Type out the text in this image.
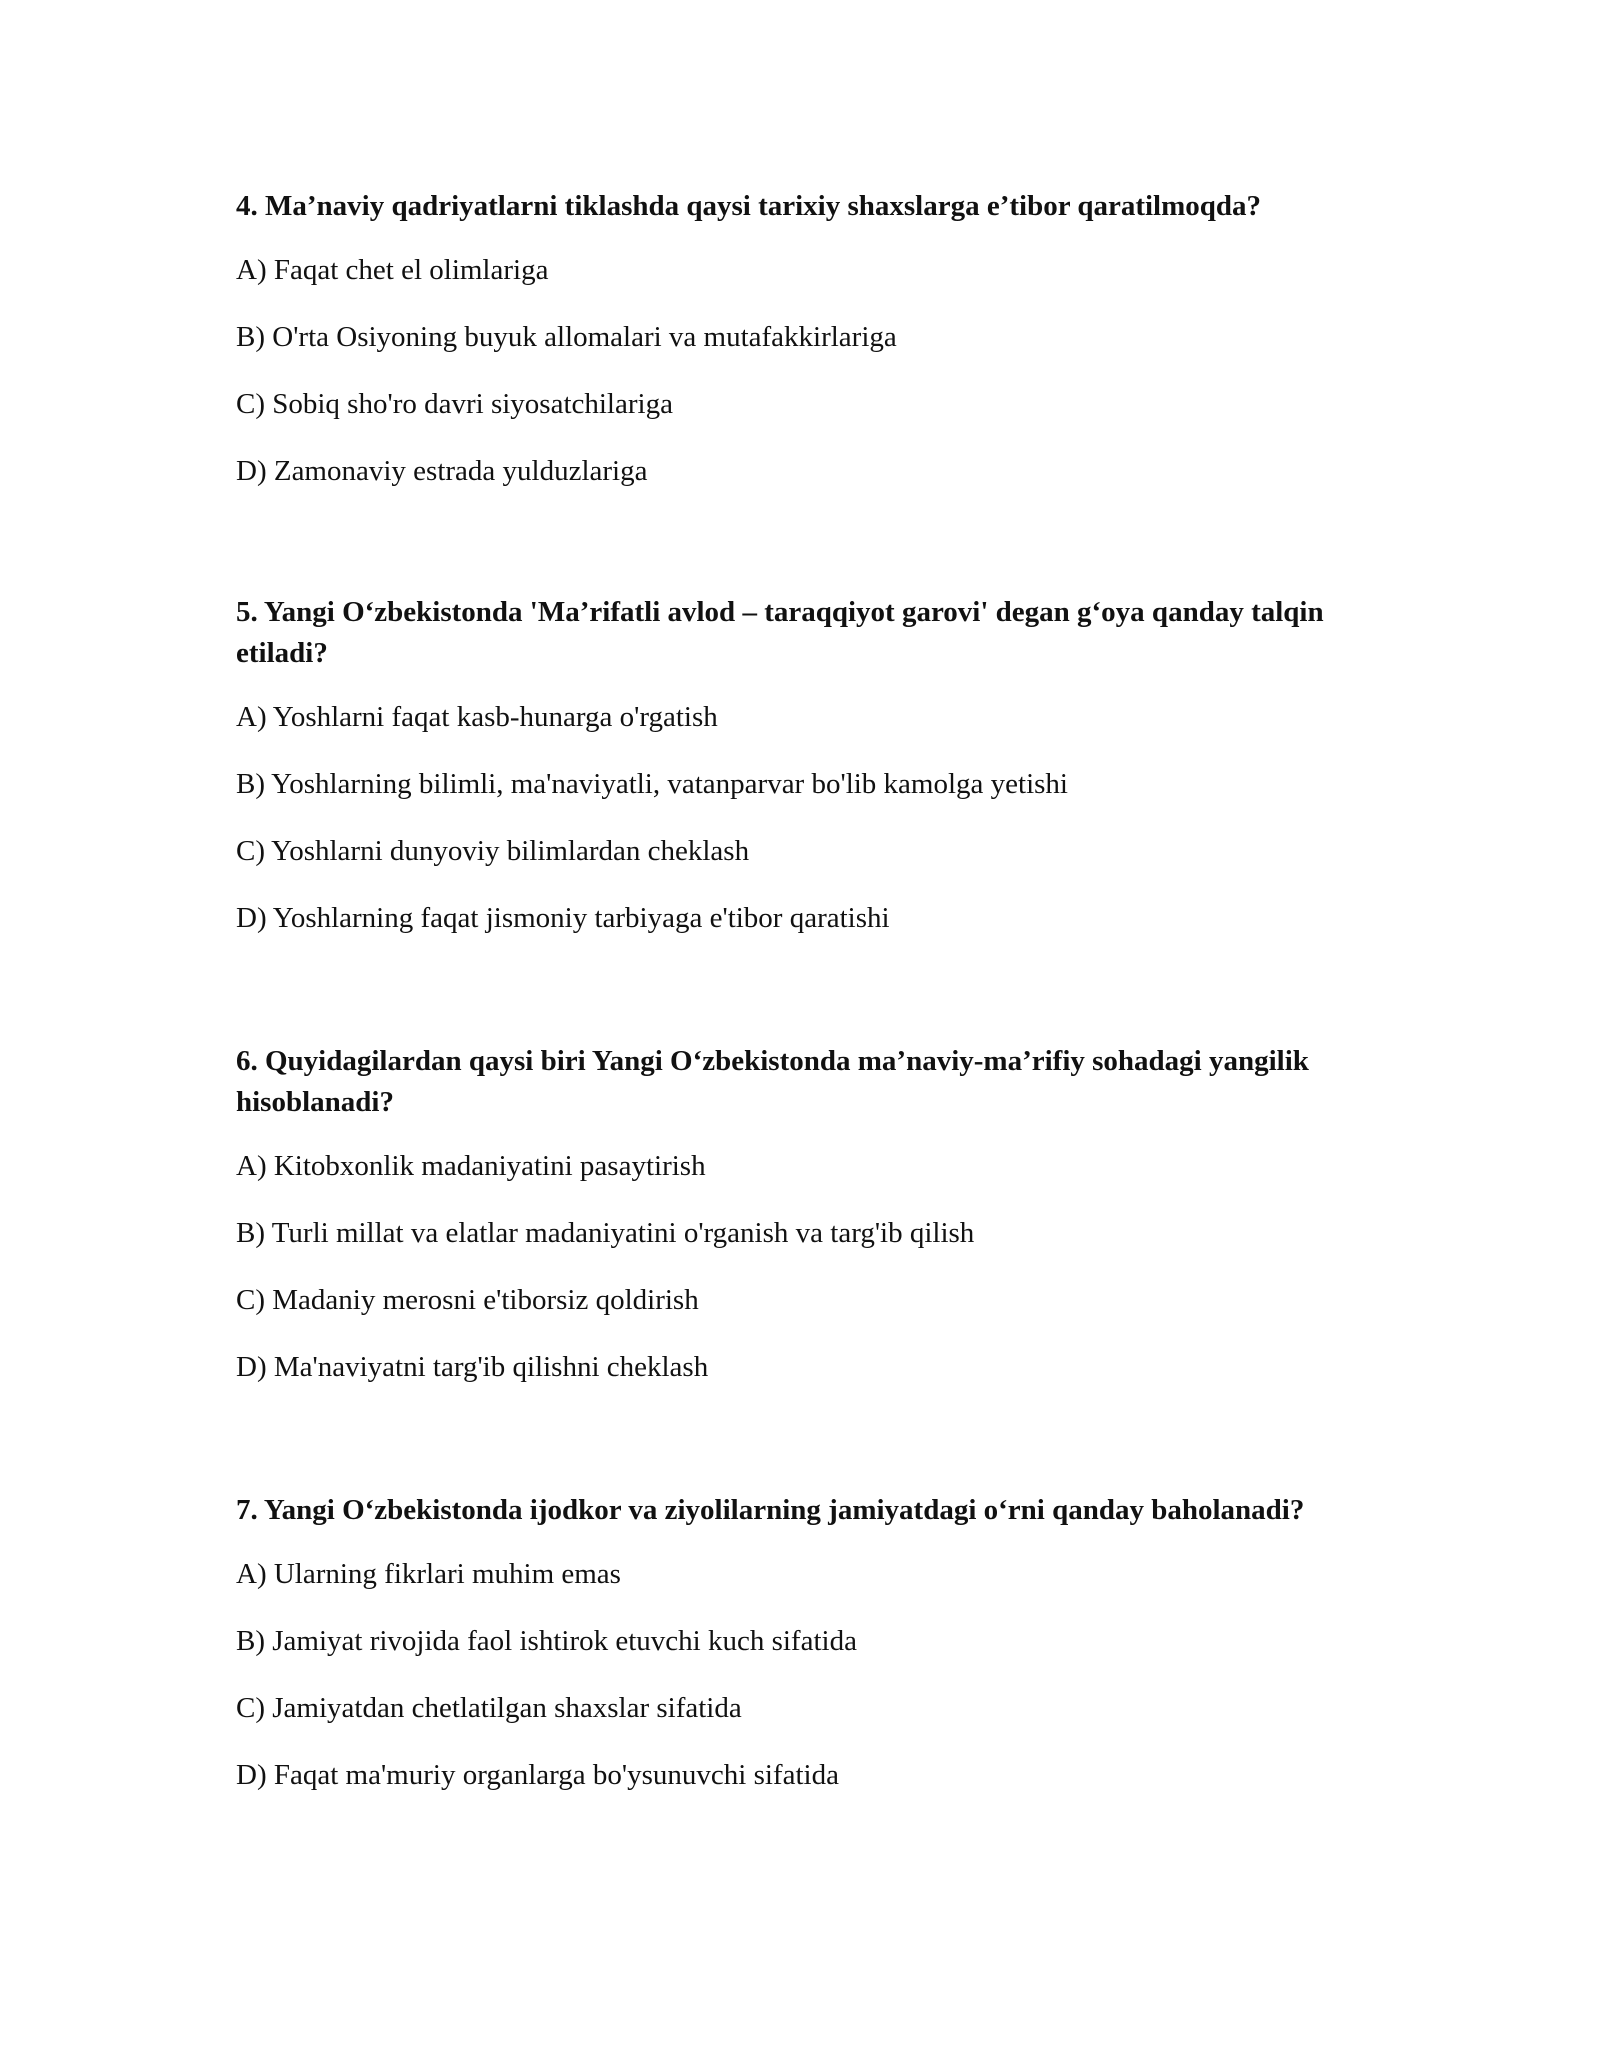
4. Ma’naviy qadriyatlarni tiklashda qaysi tarixiy shaxslarga e’tibor qaratilmoqda?

A) Faqat chet el olimlariga

B) O'rta Osiyoning buyuk allomalari va mutafakkirlariga

C) Sobiq sho'ro davri siyosatchilariga

D) Zamonaviy estrada yulduzlariga

5. Yangi O‘zbekistonda 'Ma’rifatli avlod – taraqqiyot garovi' degan g‘oya qanday talqin etiladi?

A) Yoshlarni faqat kasb-hunarga o'rgatish

B) Yoshlarning bilimli, ma'naviyatli, vatanparvar bo'lib kamolga yetishi

C) Yoshlarni dunyoviy bilimlardan cheklash

D) Yoshlarning faqat jismoniy tarbiyaga e'tibor qaratishi

6. Quyidagilardan qaysi biri Yangi O‘zbekistonda ma’naviy-ma’rifiy sohadagi yangilik hisoblanadi?

A) Kitobxonlik madaniyatini pasaytirish

B) Turli millat va elatlar madaniyatini o'rganish va targ'ib qilish

C) Madaniy merosni e'tiborsiz qoldirish

D) Ma'naviyatni targ'ib qilishni cheklash

7. Yangi O‘zbekistonda ijodkor va ziyolilarning jamiyatdagi o‘rni qanday baholanadi?

A) Ularning fikrlari muhim emas

B) Jamiyat rivojida faol ishtirok etuvchi kuch sifatida

C) Jamiyatdan chetlatilgan shaxslar sifatida

D) Faqat ma'muriy organlarga bo'ysunuvchi sifatida
